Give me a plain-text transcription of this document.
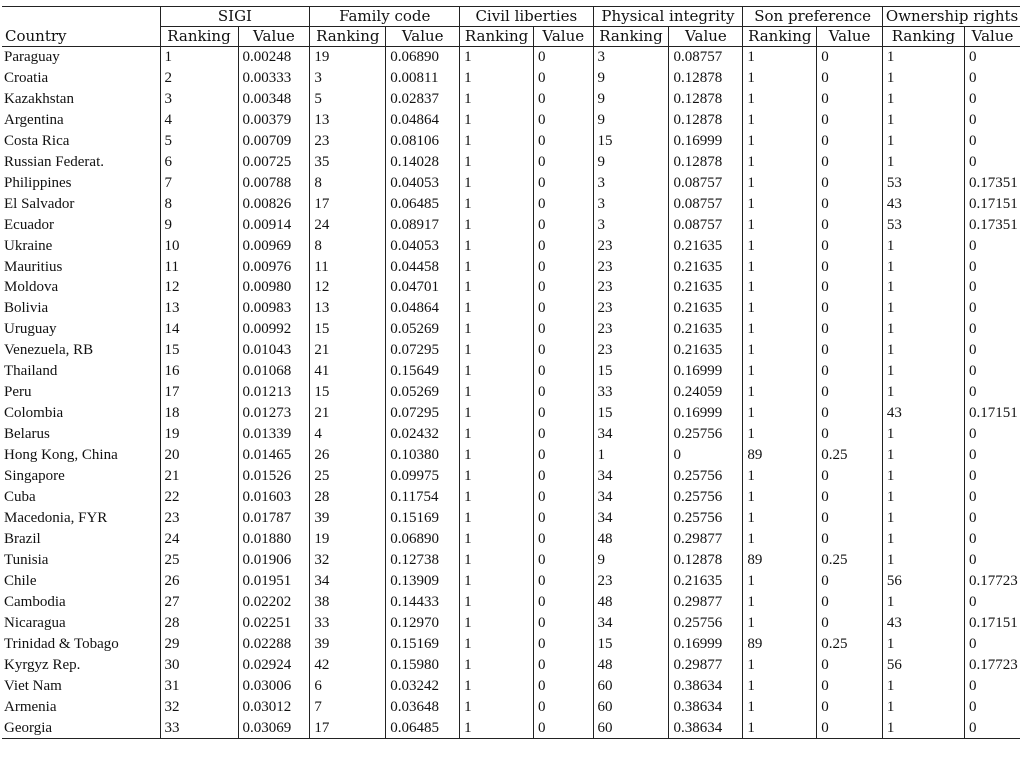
	SIGI		Family code		Civil liberties		Physical integrity		Son preference		Ownership rights	
Country	Ranking	Value	Ranking	Value	Ranking	Value	Ranking	Value	Ranking	Value	Ranking	Value
Paraguay	1	0.00248	19	0.06890	1	0	3	0.08757	1	0	1	0
Croatia	2	0.00333	3	0.00811	1	0	9	0.12878	1	0	1	0
Kazakhstan	3	0.00348	5	0.02837	1	0	9	0.12878	1	0	1	0
Argentina	4	0.00379	13	0.04864	1	0	9	0.12878	1	0	1	0
Costa Rica	5	0.00709	23	0.08106	1	0	15	0.16999	1	0	1	0
Russian Federat.	6	0.00725	35	0.14028	1	0	9	0.12878	1	0	1	0
Philippines	7	0.00788	8	0.04053	1	0	3	0.08757	1	0	53	0.17351
El Salvador	8	0.00826	17	0.06485	1	0	3	0.08757	1	0	43	0.17151
Ecuador	9	0.00914	24	0.08917	1	0	3	0.08757	1	0	53	0.17351
Ukraine	10	0.00969	8	0.04053	1	0	23	0.21635	1	0	1	0
Mauritius	11	0.00976	11	0.04458	1	0	23	0.21635	1	0	1	0
Moldova	12	0.00980	12	0.04701	1	0	23	0.21635	1	0	1	0
Bolivia	13	0.00983	13	0.04864	1	0	23	0.21635	1	0	1	0
Uruguay	14	0.00992	15	0.05269	1	0	23	0.21635	1	0	1	0
Venezuela, RB	15	0.01043	21	0.07295	1	0	23	0.21635	1	0	1	0
Thailand	16	0.01068	41	0.15649	1	0	15	0.16999	1	0	1	0
Peru	17	0.01213	15	0.05269	1	0	33	0.24059	1	0	1	0
Colombia	18	0.01273	21	0.07295	1	0	15	0.16999	1	0	43	0.17151
Belarus	19	0.01339	4	0.02432	1	0	34	0.25756	1	0	1	0
Hong Kong, China	20	0.01465	26	0.10380	1	0	1	0	89	0.25	1	0
Singapore	21	0.01526	25	0.09975	1	0	34	0.25756	1	0	1	0
Cuba	22	0.01603	28	0.11754	1	0	34	0.25756	1	0	1	0
Macedonia, FYR	23	0.01787	39	0.15169	1	0	34	0.25756	1	0	1	0
Brazil	24	0.01880	19	0.06890	1	0	48	0.29877	1	0	1	0
Tunisia	25	0.01906	32	0.12738	1	0	9	0.12878	89	0.25	1	0
Chile	26	0.01951	34	0.13909	1	0	23	0.21635	1	0	56	0.17723
Cambodia	27	0.02202	38	0.14433	1	0	48	0.29877	1	0	1	0
Nicaragua	28	0.02251	33	0.12970	1	0	34	0.25756	1	0	43	0.17151
Trinidad & Tobago	29	0.02288	39	0.15169	1	0	15	0.16999	89	0.25	1	0
Kyrgyz Rep.	30	0.02924	42	0.15980	1	0	48	0.29877	1	0	56	0.17723
Viet Nam	31	0.03006	6	0.03242	1	0	60	0.38634	1	0	1	0
Armenia	32	0.03012	7	0.03648	1	0	60	0.38634	1	0	1	0
Georgia	33	0.03069	17	0.06485	1	0	60	0.38634	1	0	1	0
